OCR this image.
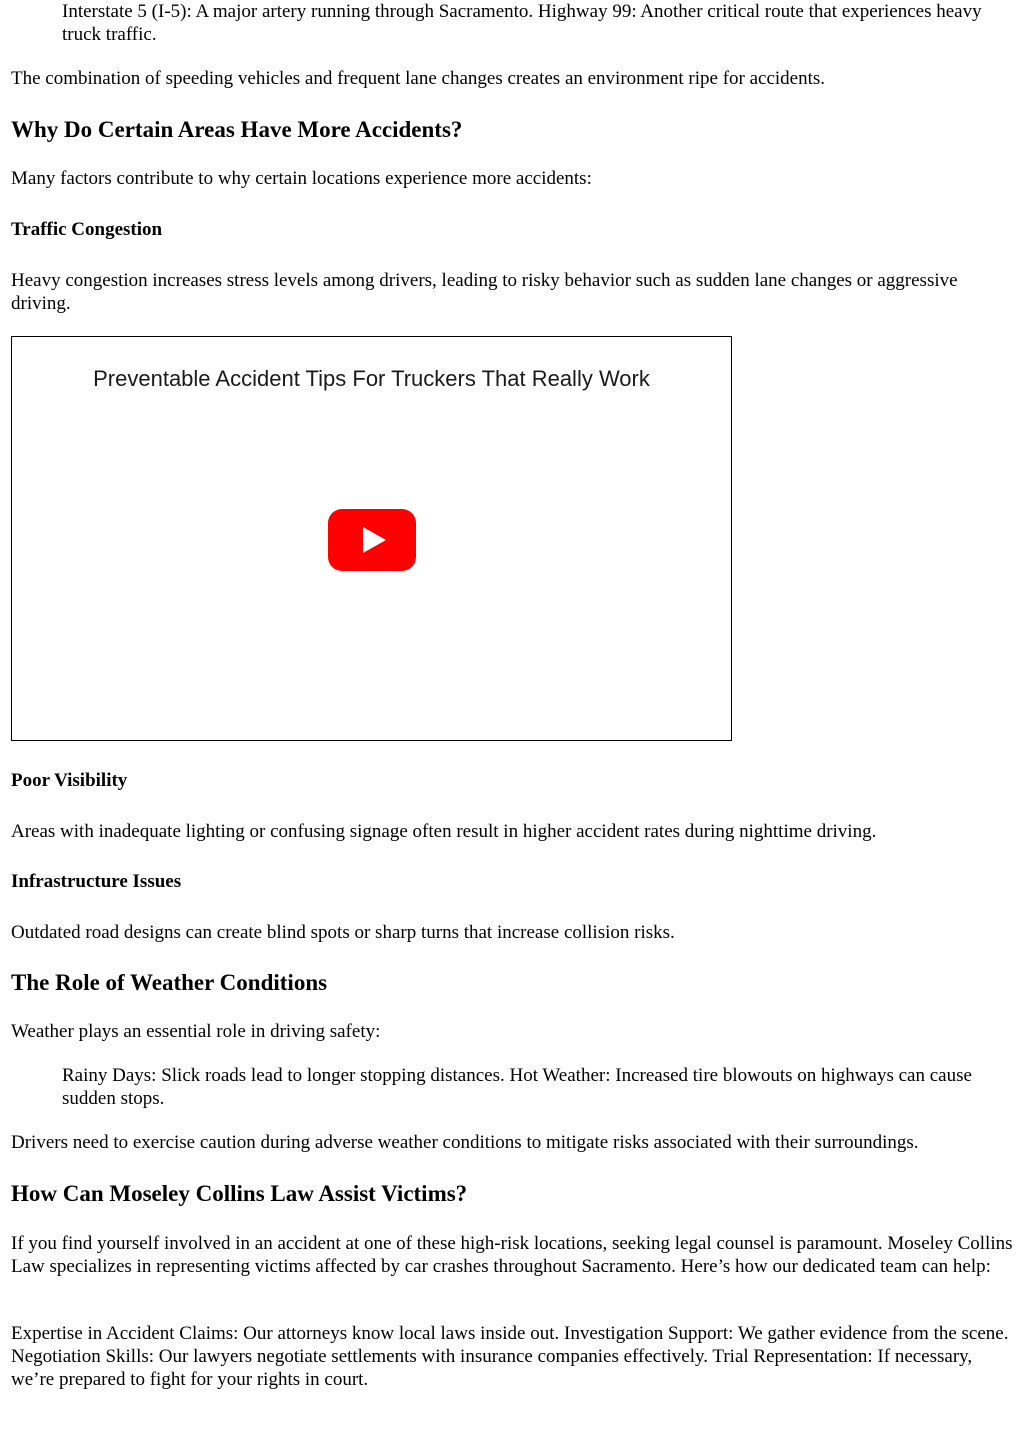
Interstate 5 (I-5): A major artery running through Sacramento. Highway 99: Another critical route that experiences heavy truck traffic.

The combination of speeding vehicles and frequent lane changes creates an environment ripe for accidents.

Why Do Certain Areas Have More Accidents?

Many factors contribute to why certain locations experience more accidents:

Traffic Congestion

Heavy congestion increases stress levels among drivers, leading to risky behavior such as sudden lane changes or aggressive driving.

Preventable Accident Tips For Truckers That Really Work
Poor Visibility

Areas with inadequate lighting or confusing signage often result in higher accident rates during nighttime driving.

Infrastructure Issues

Outdated road designs can create blind spots or sharp turns that increase collision risks.

The Role of Weather Conditions

Weather plays an essential role in driving safety:

Rainy Days: Slick roads lead to longer stopping distances. Hot Weather: Increased tire blowouts on highways can cause sudden stops.

Drivers need to exercise caution during adverse weather conditions to mitigate risks associated with their surroundings.

How Can Moseley Collins Law Assist Victims?

If you find yourself involved in an accident at one of these high-risk locations, seeking legal counsel is paramount. Moseley Collins Law specializes in representing victims affected by car crashes throughout Sacramento. Here’s how our dedicated team can help:

Expertise in Accident Claims: Our attorneys know local laws inside out. Investigation Support: We gather evidence from the scene. Negotiation Skills: Our lawyers negotiate settlements with insurance companies effectively. Trial Representation: If necessary, we’re prepared to fight for your rights in court.
